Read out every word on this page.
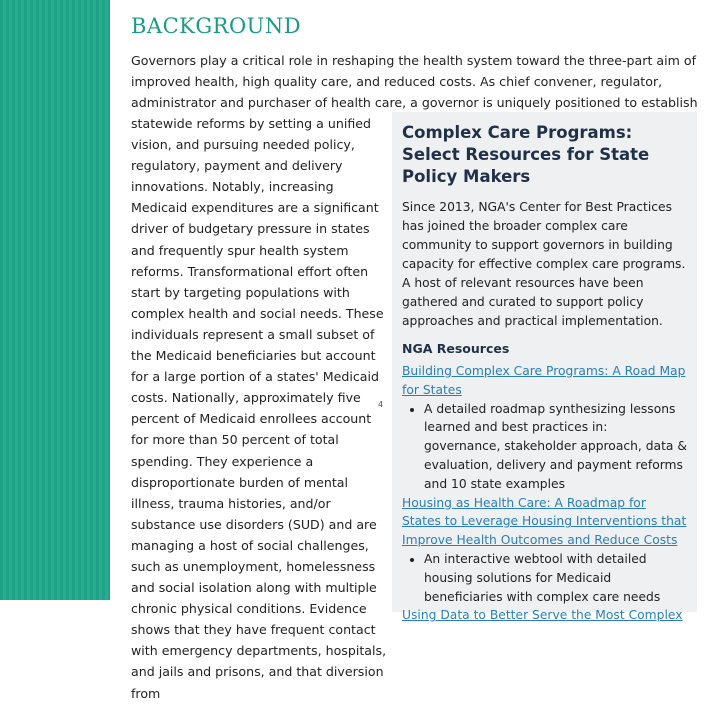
BACKGROUND

Governors play a critical role in reshaping the health system toward the three-part aim of improved health, high quality care, and reduced costs. As chief convener, regulator, administrator and purchaser of health care, a governor is uniquely positioned to establish

statewide reforms by setting a unified vision, and pursuing needed policy, regulatory, payment and delivery innovations. Notably, increasing Medicaid expenditures are a significant driver of budgetary pressure in states and frequently spur health system reforms. Transformational effort often start by targeting populations with complex health and social needs. These individuals represent a small subset of the Medicaid beneficiaries but account for a large portion of a states' Medicaid costs. Nationally, approximately five percent of Medicaid enrollees account for more than 50 percent of total spending. They experience a disproportionate burden of mental illness, trauma histories, and/or substance use disorders (SUD) and are managing a host of social challenges, such as unemployment, homelessness and social isolation along with multiple chronic physical conditions. Evidence shows that they have frequent contact with emergency departments, hospitals, and jails and prisons, and that diversion from

4
Complex Care Programs: Select Resources for State Policy Makers

Since 2013, NGA's Center for Best Practices has joined the broader complex care community to support governors in building capacity for effective complex care programs. A host of relevant resources have been gathered and curated to support policy approaches and practical implementation.

NGA Resources
Building Complex Care Programs: A Road Map for States
• A detailed roadmap synthesizing lessons learned and best practices in: governance, stakeholder approach, data & evaluation, delivery and payment reforms and 10 state examples
Housing as Health Care: A Roadmap for States to Leverage Housing Interventions that Improve Health Outcomes and Reduce Costs
• An interactive webtool with detailed housing solutions for Medicaid beneficiaries with complex care needs
Using Data to Better Serve the Most Complex
